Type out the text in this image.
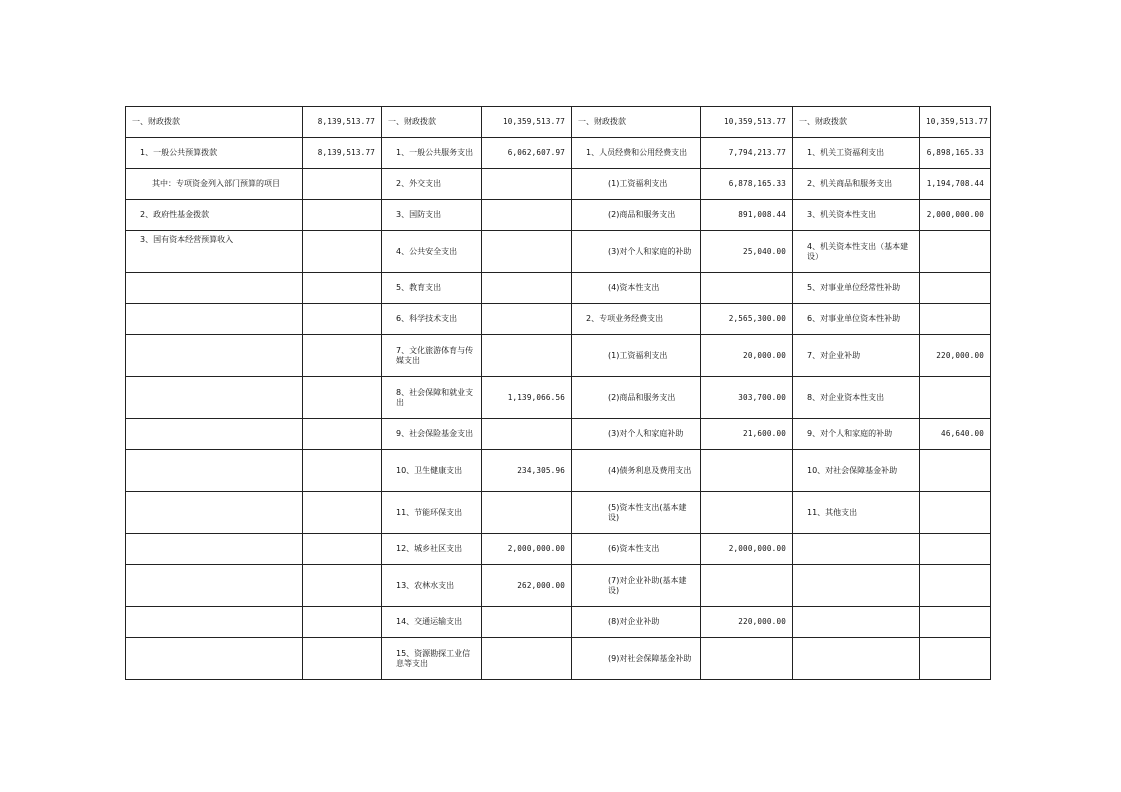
一、财政拨款	8,139,513.77	一、财政拨款	10,359,513.77	一、财政拨款	10,359,513.77	一、财政拨款	10,359,513.77
1、一般公共预算拨款	8,139,513.77	1、一般公共服务支出	6,062,607.97	1、人员经费和公用经费支出	7,794,213.77	1、机关工资福利支出	6,898,165.33
其中：专项资金列入部门预算的项目		2、外交支出		(1)工资福利支出	6,878,165.33	2、机关商品和服务支出	1,194,708.44
2、政府性基金拨款		3、国防支出		(2)商品和服务支出	891,008.44	3、机关资本性支出	2,000,000.00
3、国有资本经营预算收入		4、公共安全支出		(3)对个人和家庭的补助	25,040.00	4、机关资本性支出（基本建设）	
		5、教育支出		(4)资本性支出		5、对事业单位经常性补助	
		6、科学技术支出		2、专项业务经费支出	2,565,300.00	6、对事业单位资本性补助	
		7、文化旅游体育与传媒支出		(1)工资福利支出	20,000.00	7、对企业补助	220,000.00
		8、社会保障和就业支出	1,139,066.56	(2)商品和服务支出	303,700.00	8、对企业资本性支出	
		9、社会保险基金支出		(3)对个人和家庭补助	21,600.00	9、对个人和家庭的补助	46,640.00
		10、卫生健康支出	234,305.96	(4)债务利息及费用支出		10、对社会保障基金补助	
		11、节能环保支出		(5)资本性支出(基本建设)		11、其他支出	
		12、城乡社区支出	2,000,000.00	(6)资本性支出	2,000,000.00		
		13、农林水支出	262,000.00	(7)对企业补助(基本建设)			
		14、交通运输支出		(8)对企业补助	220,000.00		
		15、资源勘探工业信息等支出		(9)对社会保障基金补助			
